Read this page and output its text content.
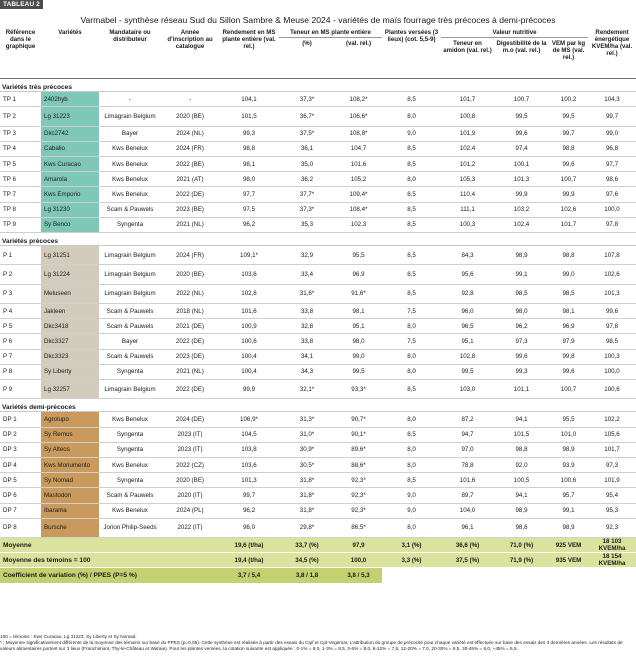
TABLEAU 2
Varmabel - synthèse réseau Sud du Sillon Sambre & Meuse 2024 - variétés de maïs fourrage très précoces à demi-précoces
Référence dans le graphique	Variétés	Mandataire ou distributeur	Année d’inscription au catalogue	Rendement en MS plante entière (val. rel.)	Teneur en MS plante entière		Plantes versées (3 lieux) (cot. 5,5-9)	Valeur nutritive			Rendement énergétique KVEM/ha (val. rel.)
					(%)	(val. rel.)		Teneur en amidon (val. rel.)	Digestibilité de la m.o (val. rel.)	VEM par kg de MS (val. rel.)	
Variétés très précoces											
TP 1	2402hyb	-	-	104,1	37,3*	108,2*	8,5	101,7	100,7	100,2	104,3
TP 2	Lg 31223	Limagrain Belgium	2020 (BE)	101,5	36,7*	106,6*	8,0	100,8	99,5	99,5	99,7
TP 3	Dkc2742	Bayer	2024 (NL)	99,3	37,5*	108,8*	9,0	101,9	99,6	99,7	99,0
TP 4	Cabalio	Kws Benelux	2024 (FR)	98,8	36,1	104,7	8,5	102,4	97,4	98,8	96,8
TP 5	Kws Curacao	Kws Benelux	2022 (BE)	98,1	35,0	101,6	8,5	101,2	100,1	99,6	97,7
TP 6	Amarola	Kws Benelux	2021 (AT)	98,0	36,2	105,2	8,0	105,3	101,3	100,7	98,6
TP 7	Kws Emporio	Kws Benelux	2022 (DE)	97,7	37,7*	109,4*	8,5	110,4	99,9	99,9	97,6
TP 8	Lg 31230	Scam & Pauwels	2023 (BE)	97,5	37,3*	108,4*	8,5	111,1	103,2	102,6	100,0
TP 9	Sy Benco	Syngenta	2021 (NL)	96,2	35,3	102,3	8,5	100,3	102,4	101,7	97,8
Variétés précoces											
P 1	Lg 31251	Limagrain Belgium	2024 (FR)	109,1*	32,9	95,5	8,5	84,3	98,9	98,8	107,8
P 2	Lg 31224	Limagrain Belgium	2020 (BE)	103,6	33,4	96,9	8,5	95,6	99,1	99,0	102,6
P 3	Meluseen	Limagrain Belgium	2022 (NL)	102,8	31,6*	91,6*	8,5	92,8	98,5	98,5	101,3
P 4	Jakleen	Scam & Pauwels	2018 (NL)	101,6	33,8	98,1	7,5	96,0	98,0	98,1	99,6
P 5	Dkc3418	Scam & Pauwels	2021 (DE)	100,9	32,8	95,1	8,0	96,5	96,2	96,9	97,8
P 6	Dkc3327	Bayer	2022 (DE)	100,6	33,8	98,0	7,5	95,1	97,3	97,9	98,5
P 7	Dkc3323	Scam & Pauwels	2023 (DE)	100,4	34,1	99,0	8,0	102,8	99,6	99,8	100,3
P 8	Sy Liberty	Syngenta	2021 (NL)	100,4	34,3	99,5	8,0	99,5	99,3	99,6	100,0
P 9	Lg 32257	Limagrain Belgium	2022 (DE)	99,9	32,1*	93,3*	8,5	103,0	101,1	100,7	100,6
Variétés demi-précoces											
DP 1	Agrolupo	Kws Benelux	2024 (DE)	106,9*	31,3*	90,7*	8,0	87,2	94,1	95,5	102,2
DP 2	Sy Remus	Syngenta	2023 (IT)	104,5	31,0*	90,1*	8,5	94,7	101,5	101,0	105,6
DP 3	Sy Alteos	Syngenta	2023 (IT)	103,8	30,9*	89,6*	8,0	97,0	98,8	98,9	101,7
DP 4	Kws Monumento	Kws Benelux	2022 (CZ)	103,6	30,5*	88,6*	8,0	78,8	92,0	93,9	97,3
DP 5	Sy Nomad	Syngenta	2020 (BE)	101,3	31,8*	92,3*	8,5	101,6	100,5	100,6	101,9
DP 6	Mastodon	Scam & Pauwels	2020 (IT)	99,7	31,8*	92,3*	9,0	89,7	94,1	95,7	95,4
DP 7	Ibarama	Kws Benelux	2024 (PL)	96,2	31,8*	92,3*	9,0	104,0	98,9	99,1	95,3
DP 8	Bursche	Jorion Philip-Seeds	2022 (IT)	96,0	29,8*	86,5*	8,0	96,1	98,6	98,9	92,3
Moyenne				19,6 (t/ha)	33,7 (%)	97,9	3,1 (%)	36,6 (%)	71,0 (%)	925 VEM	18 103 KVEM/ha
Moyenne des témoins = 100				19,4 (t/ha)	34,5 (%)	100,0	3,3 (%)	37,5 (%)	71,9 (%)	935 VEM	18 154 KVEM/ha
Coefficient de variation (%) / PPES (P=5 %)				3,7 / 5,4	3,8 / 1,8	3,8 / 5,3					

100 = témoins : Kws Curacao, Lg 31223, Sy Liberty et Sy Nomad.

* : Moyenne significativement différente de la moyenne des témoins sur base du PPES (p=0,05). Cette synthèse est réalisée à partir des essais du Cipf et Cpl-Vegemar. L’attribution du groupe de précocité pour chaque variété est effectuée sur base des essais des 3 dernières années. Les résultats de valeurs alimentaires portent sur 3 lieux (Franchimont, Thy-le-Château et Waraie). Pour les plantes versées, la cotation suivante est appliquée : 0-1% = 9,0, 1-3% = 8,5, 3-6% = 8,0, 6-12% = 7,5, 12-20% = 7,0, 20-30% = 6,5, 30-45% = 6,0, +45% = 5,5.
